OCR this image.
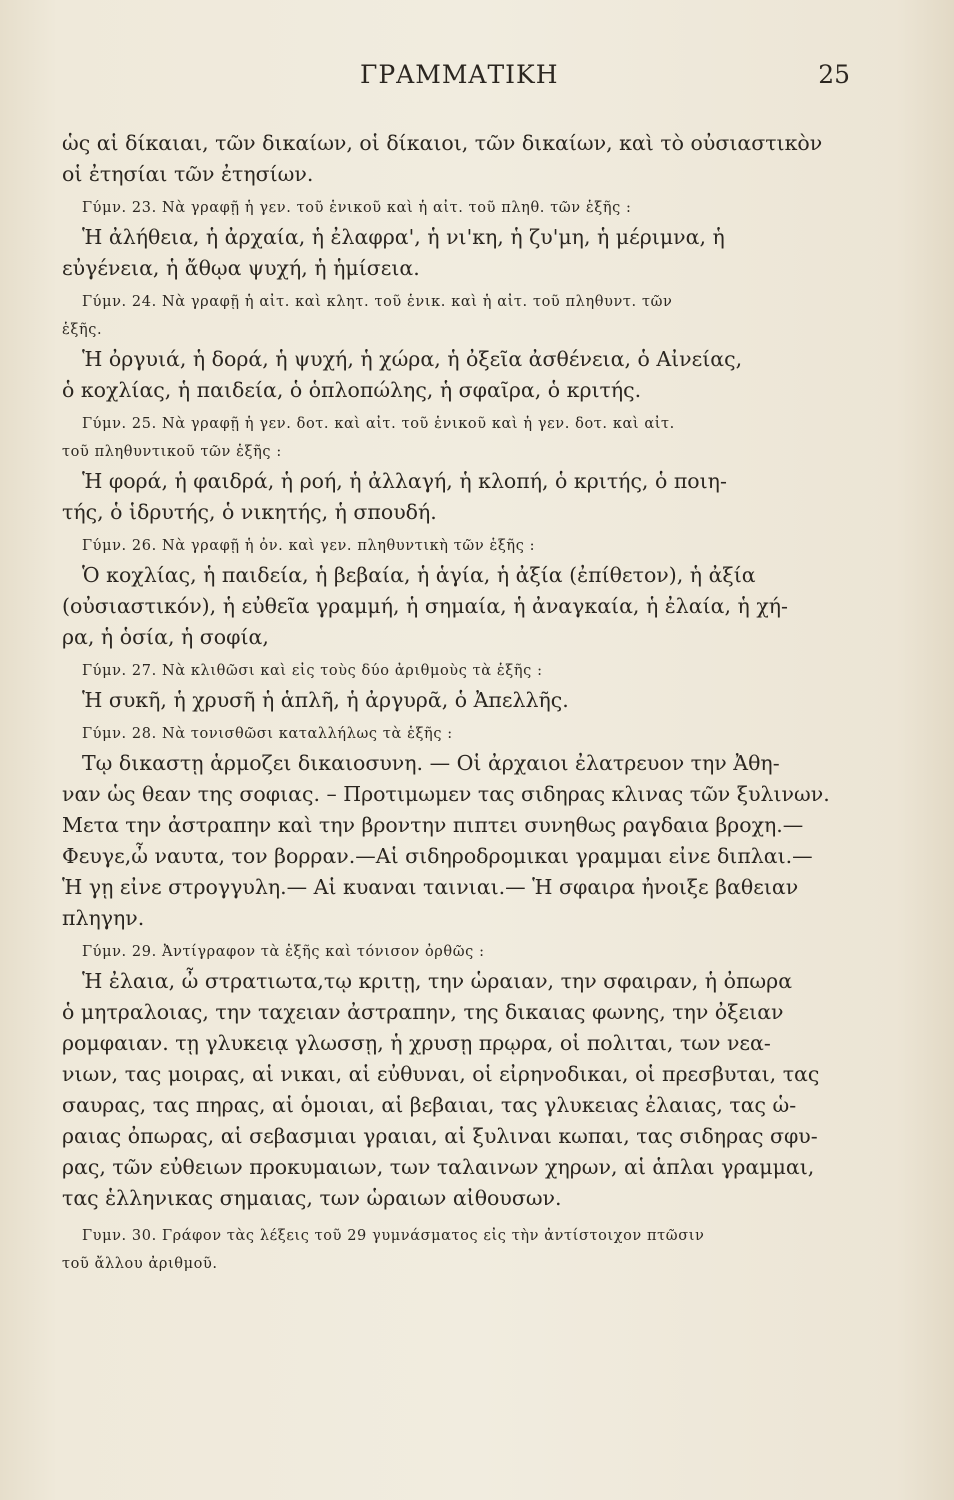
ΓΡΑΜΜΑΤΙΚΗ	25
ὡς αἱ δίκαιαι, τῶν δικαίων, οἱ δίκαιοι, τῶν δικαίων, καὶ τὸ οὐσιαστικὸν
οἱ ἐτησίαι τῶν ἐτησίων.
Γύμν. 23. Νὰ γραφῇ ἡ γεν. τοῦ ἑνικοῦ καὶ ἡ αἰτ. τοῦ πληθ. τῶν ἑξῆς :
Ἡ ἀλήθεια, ἡ ἀρχαία, ἡ ἐλαφρα', ἡ νι'κη, ἡ ζυ'μη, ἡ μέριμνα, ἡ
εὐγένεια, ἡ ἄθῳα ψυχή, ἡ ἡμίσεια.
Γύμν. 24. Νὰ γραφῇ ἡ αἰτ. καὶ κλητ. τοῦ ἑνικ. καὶ ἡ αἰτ. τοῦ πληθυντ. τῶν
ἑξῆς.
Ἡ ὀργυιά, ἡ δορά, ἡ ψυχή, ἡ χώρα, ἡ ὀξεῖα ἀσθένεια, ὁ Αἰνείας,
ὁ κοχλίας, ἡ παιδεία, ὁ ὁπλοπώλης, ἡ σφαῖρα, ὁ κριτής.
Γύμν. 25. Νὰ γραφῇ ἡ γεν. δοτ. καὶ αἰτ. τοῦ ἑνικοῦ καὶ ἡ γεν. δοτ. καὶ αἰτ.
τοῦ πληθυντικοῦ τῶν ἑξῆς :
Ἡ φορά, ἡ φαιδρά, ἡ ροή, ἡ ἀλλαγή, ἡ κλοπή, ὁ κριτής, ὁ ποιη-
τής, ὁ ἱδρυτής, ὁ νικητής, ἡ σπουδή.
Γύμν. 26. Νὰ γραφῇ ἡ ὀν. καὶ γεν. πληθυντικὴ τῶν ἑξῆς :
Ὁ κοχλίας, ἡ παιδεία, ἡ βεβαία, ἡ ἁγία, ἡ ἀξία (ἐπίθετον), ἡ ἀξία
(οὐσιαστικόν), ἡ εὐθεῖα γραμμή, ἡ σημαία, ἡ ἀναγκαία, ἡ ἐλαία, ἡ χή-
ρα, ἡ ὁσία, ἡ σοφία,
Γύμν. 27. Νὰ κλιθῶσι καὶ εἰς τοὺς δύο ἀριθμοὺς τὰ ἑξῆς :
Ἡ συκῆ, ἡ χρυσῆ ἡ ἁπλῆ, ἡ ἀργυρᾶ, ὁ Ἀπελλῆς.
Γύμν. 28. Νὰ τονισθῶσι καταλλήλως τὰ ἑξῆς :
Τῳ δικαστῃ ἁρμοζει δικαιοσυνη. — Οἱ ἀρχαιοι ἐλατρευον την Ἀθη-
ναν ὡς θεαν της σοφιας. – Προτιμωμεν τας σιδηρας κλινας τῶν ξυλινων.
Μετα την ἀστραπην καὶ την βροντην πιπτει συνηθως ραγδαια βροχη.—
Φευγε,ὦ ναυτα, τον βορραν.—Αἱ σιδηροδρομικαι γραμμαι εἰνε διπλαι.—
Ἡ γῃ εἰνε στρογγυλη.— Αἱ κυαναι ταινιαι.— Ἡ σφαιρα ἠνοιξε βαθειαν
πληγην.
Γύμν. 29. Ἀντίγραφον τὰ ἑξῆς καὶ τόνισον ὀρθῶς :
Ἡ ἐλαια, ὦ στρατιωτα,τῳ κριτῃ, την ὡραιαν, την σφαιραν, ἡ ὀπωρα
ὁ μητραλοιας, την ταχειαν ἀστραπην, της δικαιας φωνης, την ὀξειαν
ρομφαιαν. τῃ γλυκειᾳ γλωσσῃ, ἡ χρυσῃ πρῳρα, οἱ πολιται, των νεα-
νιων, τας μοιρας, αἱ νικαι, αἱ εὐθυναι, οἱ εἰρηνοδικαι, οἱ πρεσβυται, τας
σαυρας, τας πηρας, αἱ ὁμοιαι, αἱ βεβαιαι, τας γλυκειας ἐλαιας, τας ὡ-
ραιας ὀπωρας, αἱ σεβασμιαι γραιαι, αἱ ξυλιναι κωπαι, τας σιδηρας σφυ-
ρας, τῶν εὐθειων προκυμαιων, των ταλαινων χηρων, αἱ ἁπλαι γραμμαι,
τας ἑλληνικας σημαιας, των ὡραιων αἰθουσων.
Γυμν. 30. Γράφον τὰς λέξεις τοῦ 29 γυμνάσματος εἰς τὴν ἀντίστοιχον πτῶσιν
τοῦ ἄλλου ἀριθμοῦ.
